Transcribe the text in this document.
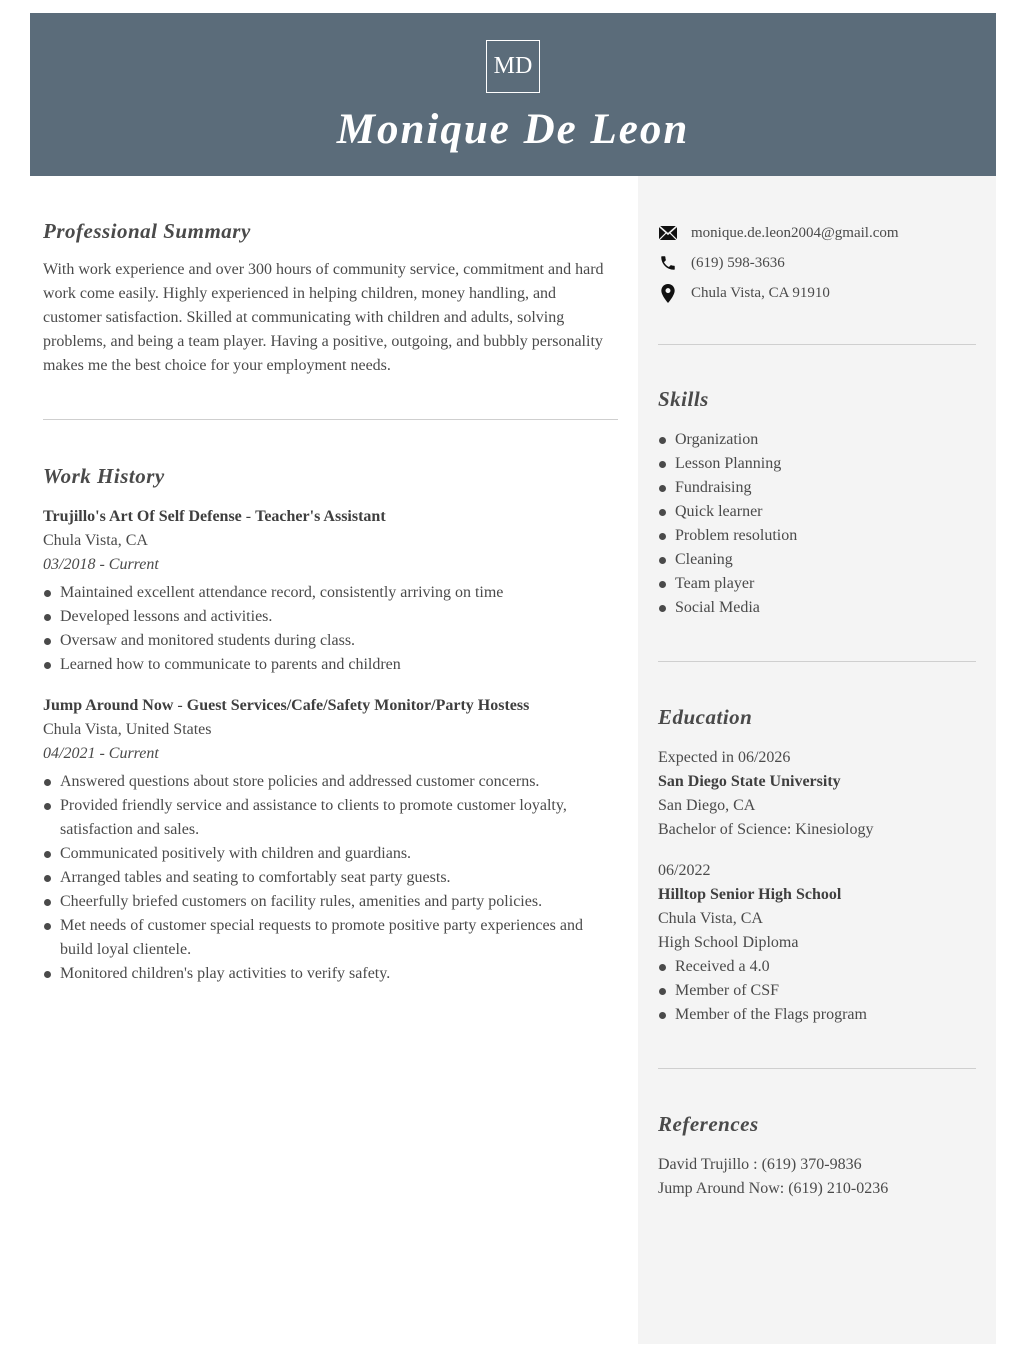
MD
Monique De Leon
Professional Summary
With work experience and over 300 hours of community service, commitment and hard work come easily. Highly experienced in helping children, money handling, and customer satisfaction. Skilled at communicating with children and adults, solving problems, and being a team player. Having a positive, outgoing, and bubbly personality makes me the best choice for your employment needs.
Work History
Trujillo's Art Of Self Defense - Teacher's Assistant
Chula Vista, CA
03/2018 - Current
Maintained excellent attendance record, consistently arriving on time
Developed lessons and activities.
Oversaw and monitored students during class.
Learned how to communicate to parents and children
Jump Around Now - Guest Services/Cafe/Safety Monitor/Party Hostess
Chula Vista, United States
04/2021 - Current
Answered questions about store policies and addressed customer concerns.
Provided friendly service and assistance to clients to promote customer loyalty, satisfaction and sales.
Communicated positively with children and guardians.
Arranged tables and seating to comfortably seat party guests.
Cheerfully briefed customers on facility rules, amenities and party policies.
Met needs of customer special requests to promote positive party experiences and build loyal clientele.
Monitored children's play activities to verify safety.
monique.de.leon2004@gmail.com
(619) 598-3636
Chula Vista, CA 91910
Skills
Organization
Lesson Planning
Fundraising
Quick learner
Problem resolution
Cleaning
Team player
Social Media
Education
Expected in 06/2026
San Diego State University
San Diego, CA
Bachelor of Science: Kinesiology
06/2022
Hilltop Senior High School
Chula Vista, CA
High School Diploma
Received a 4.0
Member of CSF
Member of the Flags program
References
David Trujillo : (619) 370-9836
Jump Around Now: (619) 210-0236
